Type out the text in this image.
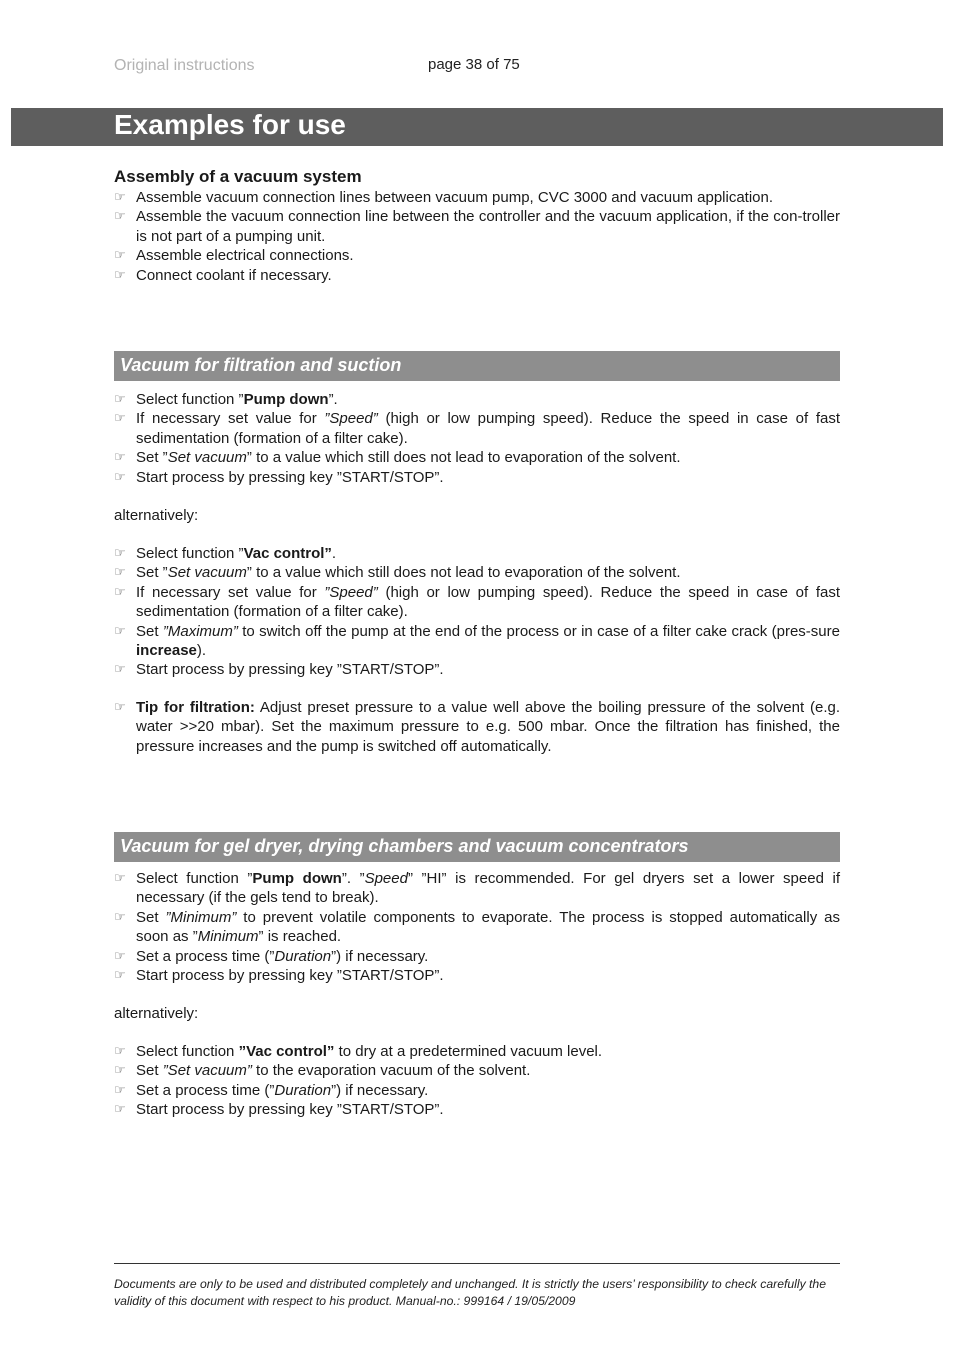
Original instructions	page 38 of 75
Examples for use

Assembly of a vacuum system

☞ Assemble vacuum connection lines between vacuum pump, CVC 3000 and vacuum application.
☞ Assemble the vacuum connection line between the controller and the vacuum application, if the con-troller is not part of a pumping unit.
☞ Assemble electrical connections.
☞ Connect coolant if necessary.
Vacuum for filtration and suction
☞ Select function ”Pump down”.
☞ If necessary set value for ”Speed” (high or low pumping speed). Reduce the speed in case of fast sedimentation (formation of a filter cake).
☞ Set ”Set vacuum” to a value which still does not lead to evaporation of the solvent.
☞ Start process by pressing key ”START/STOP”.

alternatively:

☞ Select function ”Vac control”.
☞ Set ”Set vacuum” to a value which still does not lead to evaporation of the solvent.
☞ If necessary set value for ”Speed” (high or low pumping speed). Reduce the speed in case of fast sedimentation (formation of a filter cake).
☞ Set ”Maximum” to switch off the pump at the end of the process or in case of a filter cake crack (pres-sure increase).
☞ Start process by pressing key ”START/STOP”.
☞ Tip for filtration: Adjust preset pressure to a value well above the boiling pressure of the solvent (e.g. water >>20 mbar). Set the maximum pressure to e.g. 500 mbar. Once the filtration has finished, the pressure increases and the pump is switched off automatically.
Vacuum for gel dryer, drying chambers and vacuum concentrators
☞ Select function ”Pump down”. ”Speed” ”HI” is recommended. For gel dryers set a lower speed if necessary (if the gels tend to break).
☞ Set ”Minimum” to prevent volatile components to evaporate. The process is stopped automatically as soon as ”Minimum” is reached.
☞ Set a process time (”Duration”) if necessary.
☞ Start process by pressing key ”START/STOP”.

alternatively:

☞ Select function ”Vac control” to dry at a predetermined vacuum level.
☞ Set ”Set vacuum” to the evaporation vacuum of the solvent.
☞ Set a process time (”Duration”) if necessary.
☞ Start process by pressing key ”START/STOP”.
Documents are only to be used and distributed completely and unchanged. It is strictly the users’ responsibility to check carefully the validity of this document with respect to his product. Manual-no.: 999164 / 19/05/2009
